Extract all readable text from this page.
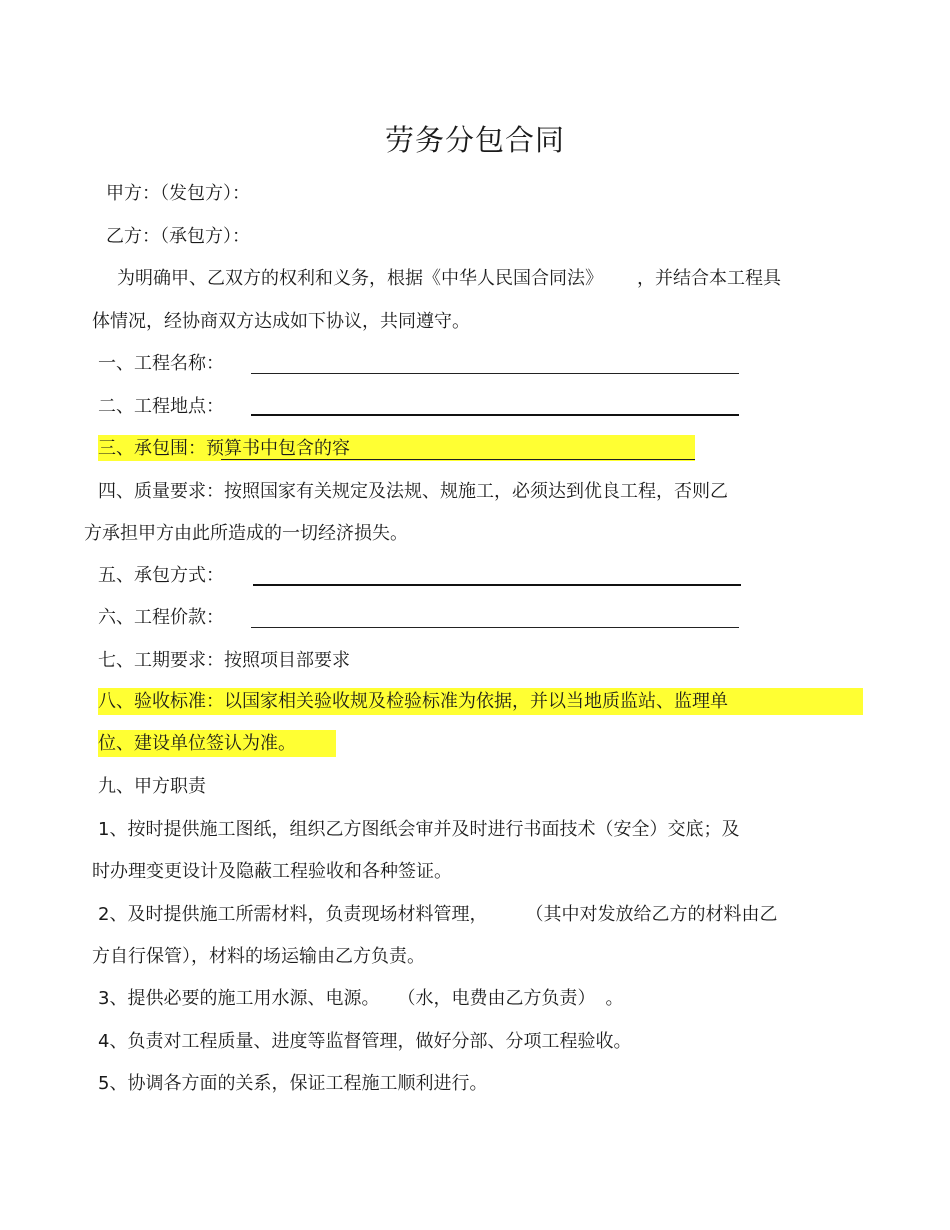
劳务分包合同
甲方：（发包方）：
乙方：（承包方）：
为明确甲、乙双方的权利和义务，根据《中华人民国合同法》 ，并结合本工程具
体情况，经协商双方达成如下协议，共同遵守。
一、工程名称：
二、工程地点：
三、承包围：预算书中包含的容
四、质量要求：按照国家有关规定及法规、规施工，必须达到优良工程，否则乙
方承担甲方由此所造成的一切经济损失。
五、承包方式：
六、工程价款：
七、工期要求：按照项目部要求
八、验收标准：以国家相关验收规及检验标准为依据，并以当地质监站、监理单
位、建设单位签认为准。
九、甲方职责
1、按时提供施工图纸，组织乙方图纸会审并及时进行书面技术（安全）交底；及
时办理变更设计及隐蔽工程验收和各种签证。
2、及时提供施工所需材料，负责现场材料管理， （其中对发放给乙方的材料由乙
方自行保管），材料的场运输由乙方负责。
3、提供必要的施工用水源、电源。 （水，电费由乙方负责） 。
4、负责对工程质量、进度等监督管理，做好分部、分项工程验收。
5、协调各方面的关系，保证工程施工顺利进行。
